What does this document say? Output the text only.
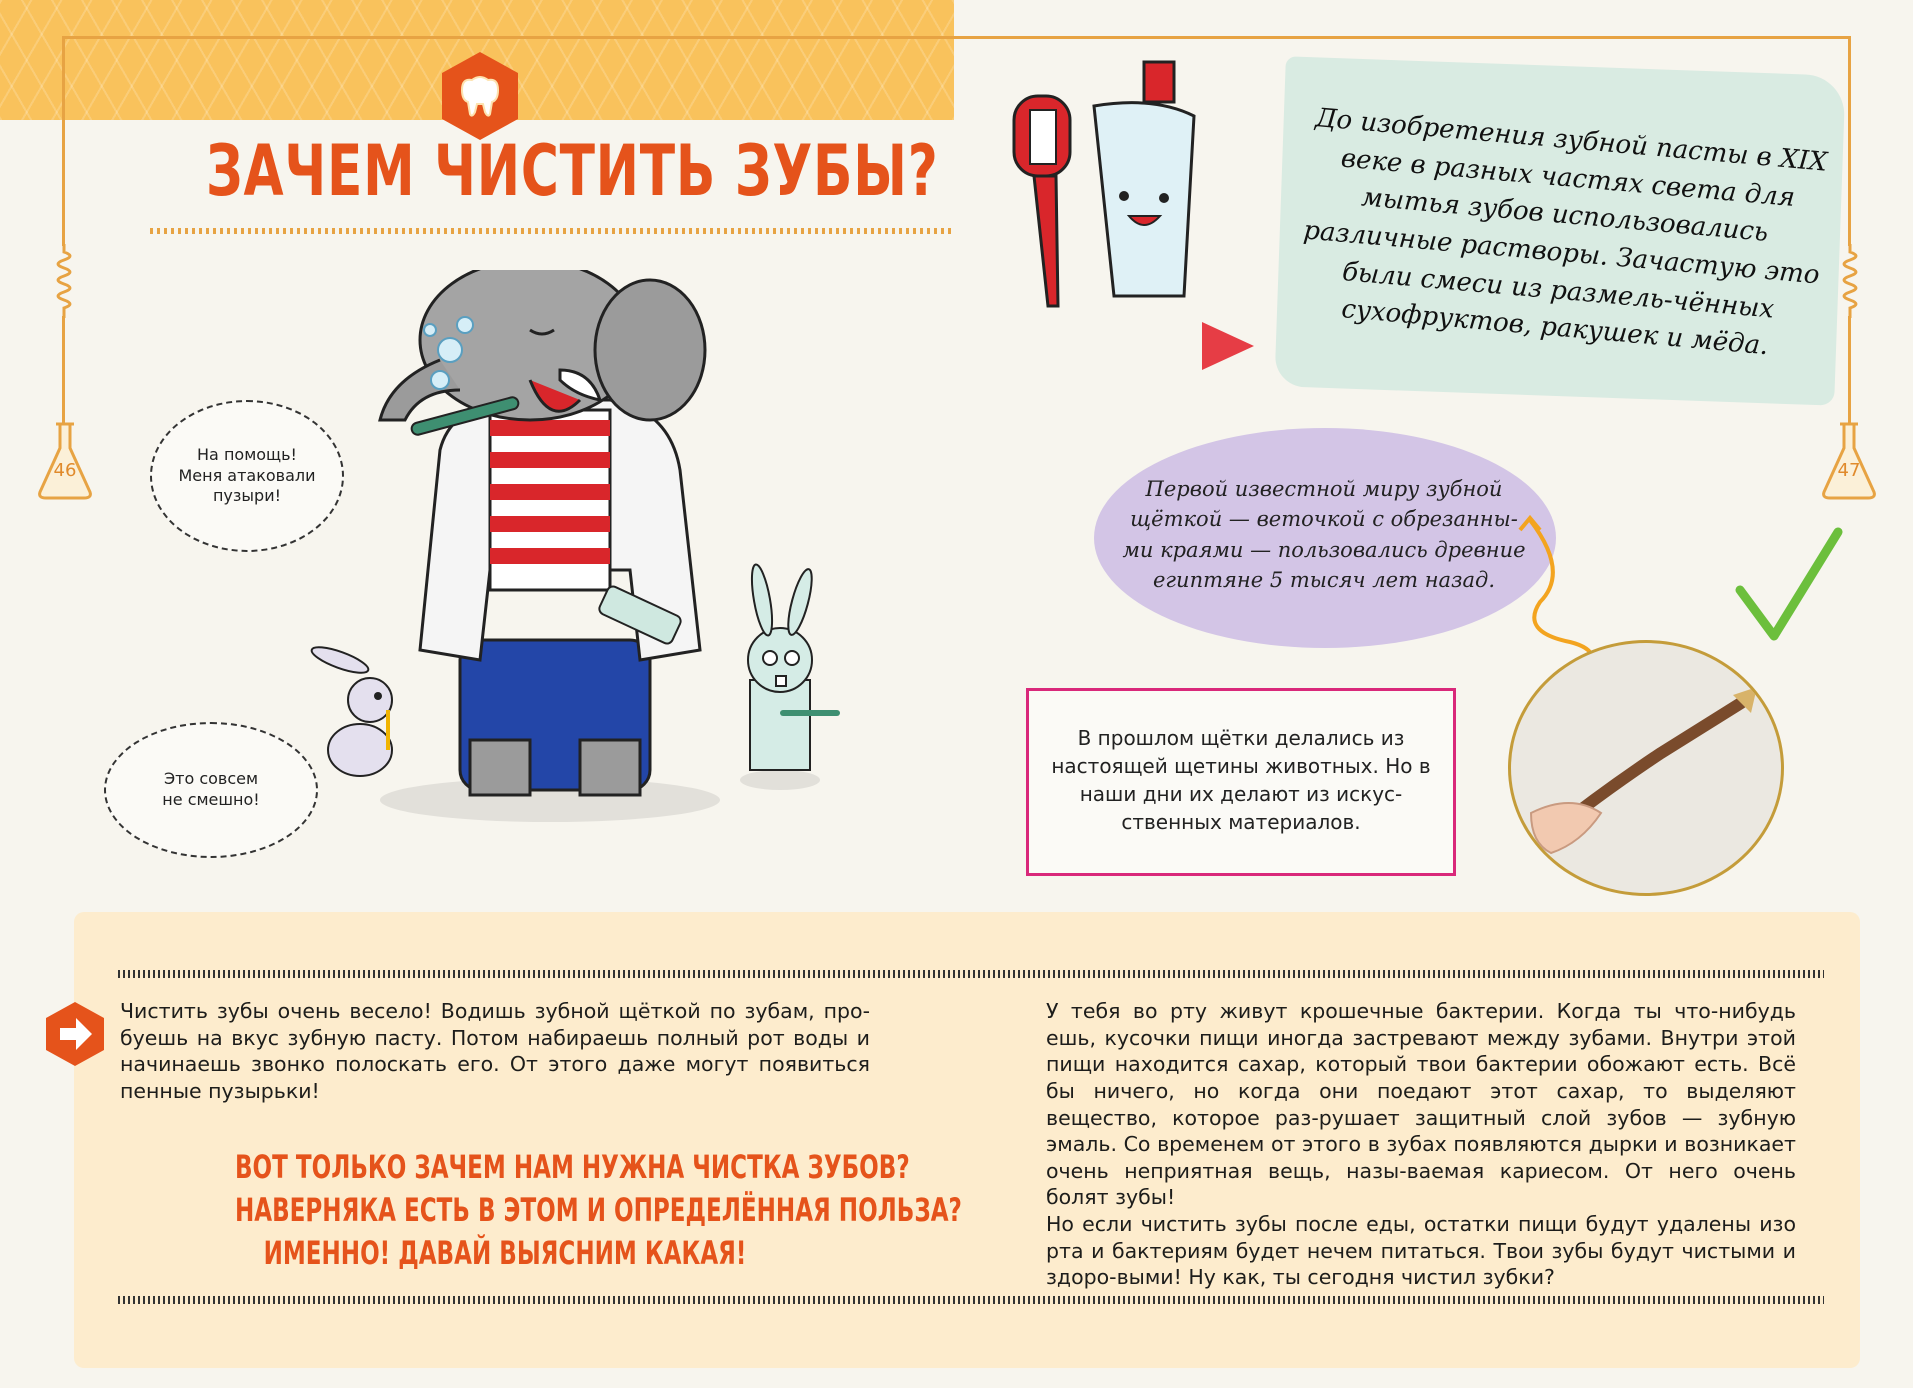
46	47
ЗАЧЕМ ЧИСТИТЬ ЗУБЫ?
На помощь!
Меня атаковали
пузыри!
Это совсем
не смешно!
До изобретения зубной пасты в XIX веке в разных частях света для мытья зубов использовались различные растворы. Зачастую это были смеси из размель-чённых сухофруктов, ракушек и мёда.
Первой известной миру зубной щёткой — веточкой с обрезанны-ми краями — пользовались древние египтяне 5 тысяч лет назад.
В прошлом щётки делались из настоящей щетины животных. Но в наши дни их делают из искус-ственных материалов.
Чистить зубы очень весело! Водишь зубной щёткой по зубам, про-буешь на вкус зубную пасту. Потом набираешь полный рот воды и начинаешь звонко полоскать его. От этого даже могут появиться пенные пузырьки!
ВОТ ТОЛЬКО ЗАЧЕМ НАМ НУЖНА ЧИСТКА ЗУБОВ?
НАВЕРНЯКА ЕСТЬ В ЭТОМ И ОПРЕДЕЛЁННАЯ ПОЛЬЗА?
ИМЕННО! ДАВАЙ ВЫЯСНИМ КАКАЯ!
У тебя во рту живут крошечные бактерии. Когда ты что-нибудь ешь, кусочки пищи иногда застревают между зубами. Внутри этой пищи находится сахар, который твои бактерии обожают есть. Всё бы ничего, но когда они поедают этот сахар, то выделяют вещество, которое раз-рушает защитный слой зубов — зубную эмаль. Со временем от этого в зубах появляются дырки и возникает очень неприятная вещь, назы-ваемая кариесом. От него очень болят зубы!
Но если чистить зубы после еды, остатки пищи будут удалены изо рта и бактериям будет нечем питаться. Твои зубы будут чистыми и здоро-выми! Ну как, ты сегодня чистил зубки?
